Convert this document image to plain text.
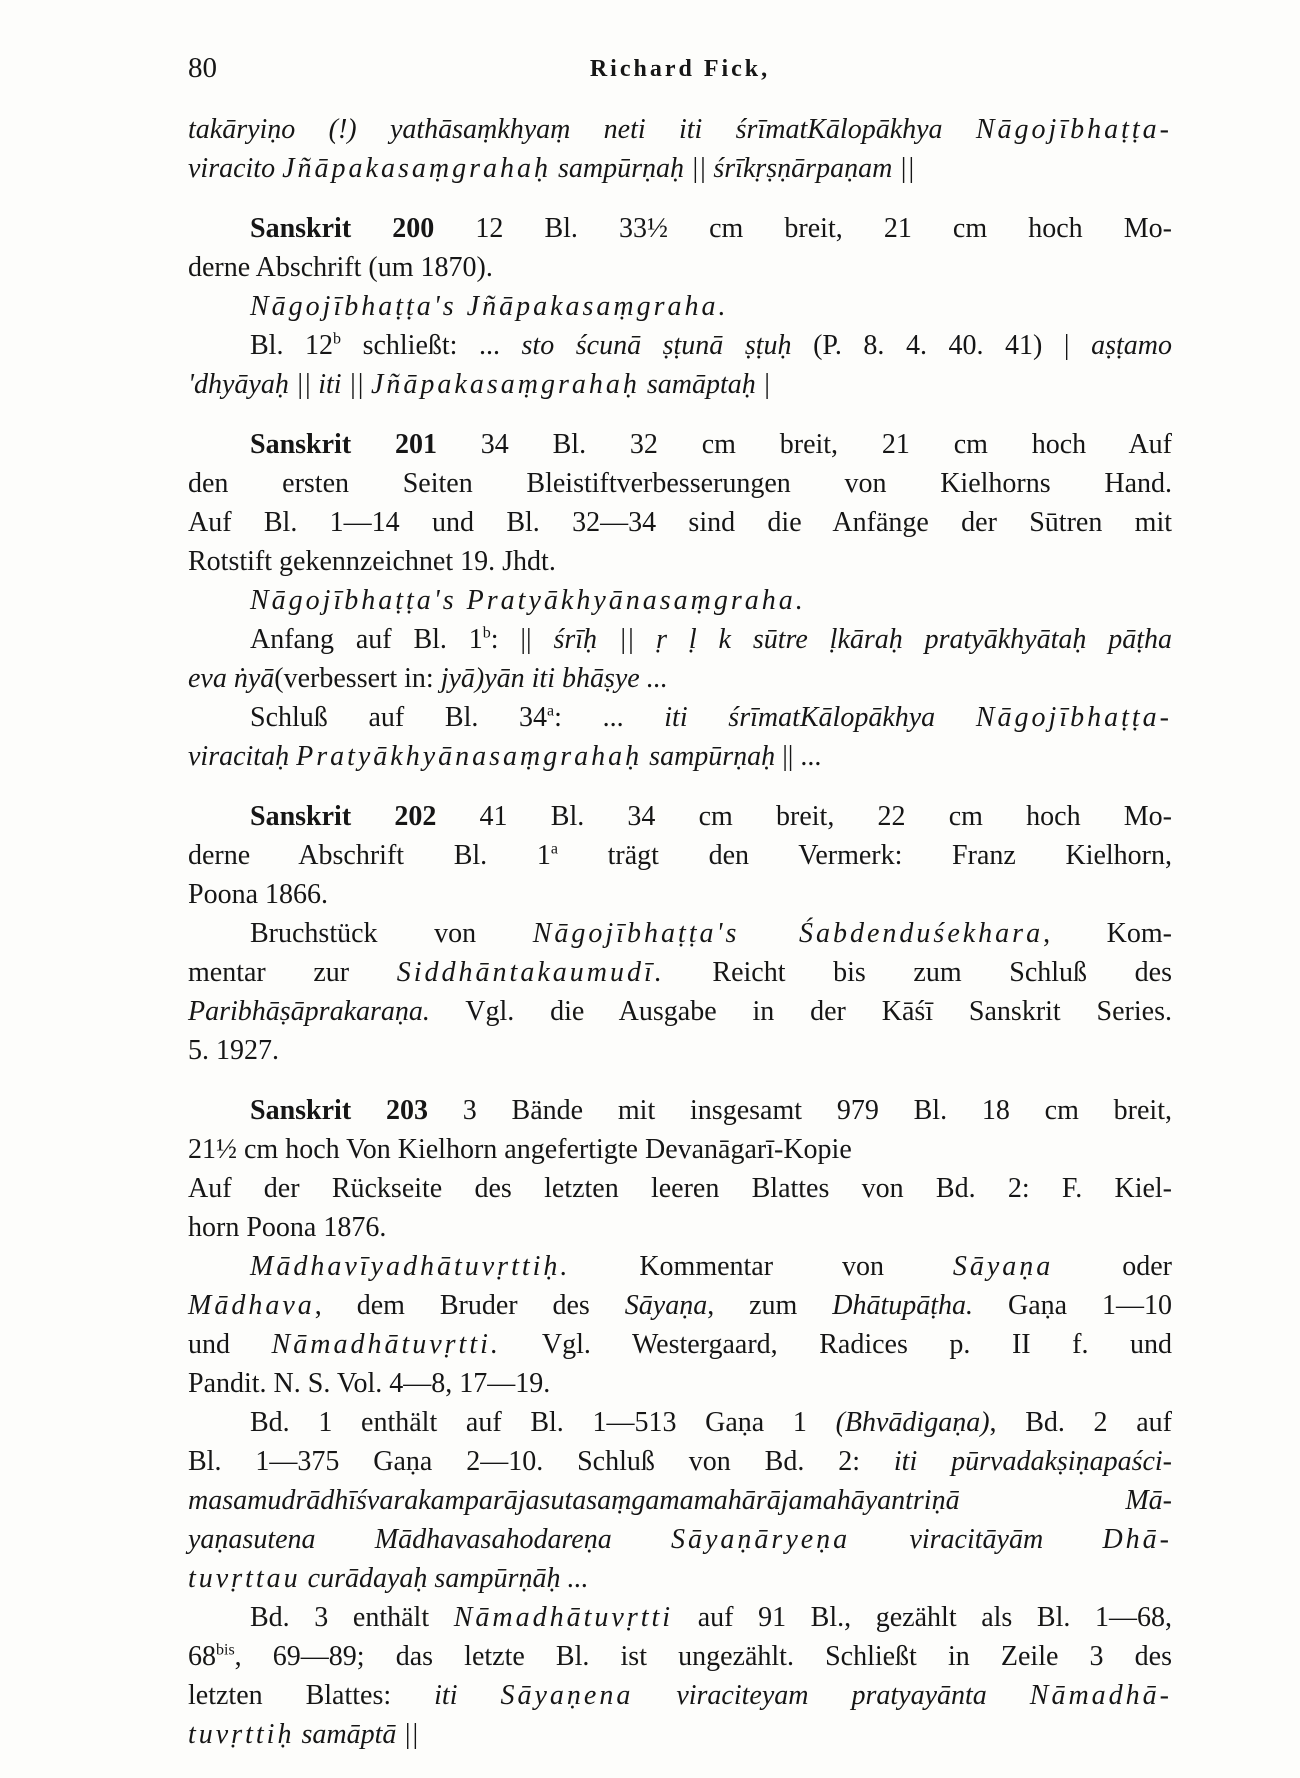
80	Richard Fick,
takāryiṇo (!) yathāsaṃkhyaṃ neti iti śrīmatKālopākhya Nāgojībhaṭṭa-
viracito Jñāpakasaṃgrahaḥ sampūrṇaḥ || śrīkṛṣṇārpaṇam ||
Sanskrit 200 12 Bl. 33½ cm breit, 21 cm hoch Mo-
derne Abschrift (um 1870).
Nāgojībhaṭṭa's Jñāpakasaṃgraha.
Bl. 12$^b$ schließt: ... sto ścunā ṣṭunā ṣṭuḥ (P. 8. 4. 40. 41) | aṣṭamo
'dhyāyaḥ || iti || Jñāpakasaṃgrahaḥ samāptaḥ |
Sanskrit 201 34 Bl. 32 cm breit, 21 cm hoch Auf
den ersten Seiten Bleistiftverbesserungen von Kielhorns Hand.
Auf Bl. 1—14 und Bl. 32—34 sind die Anfänge der Sūtren mit
Rotstift gekennzeichnet 19. Jhdt.
Nāgojībhaṭṭa's Pratyākhyānasaṃgraha.
Anfang auf Bl. 1$^b$: || śrīḥ || ṛ ḷ k sūtre ḷkāraḥ pratyākhyātaḥ pāṭha
eva ṅyā(verbessert in: jyā)yān iti bhāṣye ...
Schluß auf Bl. 34$^a$: ... iti śrīmatKālopākhya Nāgojībhaṭṭa-
viracitaḥ Pratyākhyānasaṃgrahaḥ sampūrṇaḥ || ...
Sanskrit 202 41 Bl. 34 cm breit, 22 cm hoch Mo-
derne Abschrift Bl. 1$^a$ trägt den Vermerk: Franz Kielhorn,
Poona 1866.
Bruchstück von Nāgojībhaṭṭa's Śabdenduśekhara, Kom-
mentar zur Siddhāntakaumudī. Reicht bis zum Schluß des
Paribhāṣāprakaraṇa. Vgl. die Ausgabe in der Kāśī Sanskrit Series.
5. 1927.
Sanskrit 203 3 Bände mit insgesamt 979 Bl. 18 cm breit,
21½ cm hoch Von Kielhorn angefertigte Devanāgarī-Kopie
Auf der Rückseite des letzten leeren Blattes von Bd. 2: F. Kiel-
horn Poona 1876.
Mādhavīyadhātuvṛttiḥ. Kommentar von Sāyaṇa oder
Mādhava, dem Bruder des Sāyaṇa, zum Dhātupāṭha. Gaṇa 1—10
und Nāmadhātuvṛtti. Vgl. Westergaard, Radices p. II f. und
Pandit. N. S. Vol. 4—8, 17—19.
Bd. 1 enthält auf Bl. 1—513 Gaṇa 1 (Bhvādigaṇa), Bd. 2 auf
Bl. 1—375 Gaṇa 2—10. Schluß von Bd. 2: iti pūrvadakṣiṇapaści-
masamudrādhīśvarakamparājasutasaṃgamamahārājamahāyantriṇā Mā-
yaṇasutena Mādhavasahodareṇa Sāyaṇāryeṇa viracitāyām Dhā-
tuvṛttau curādayaḥ sampūrṇāḥ ...
Bd. 3 enthält Nāmadhātuvṛtti auf 91 Bl., gezählt als Bl. 1—68,
$68^{bis}$, 69—89; das letzte Bl. ist ungezählt. Schließt in Zeile 3 des
letzten Blattes: iti Sāyaṇena viraciteyam pratyayānta Nāmadhā-
tuvṛttiḥ samāptā ||
